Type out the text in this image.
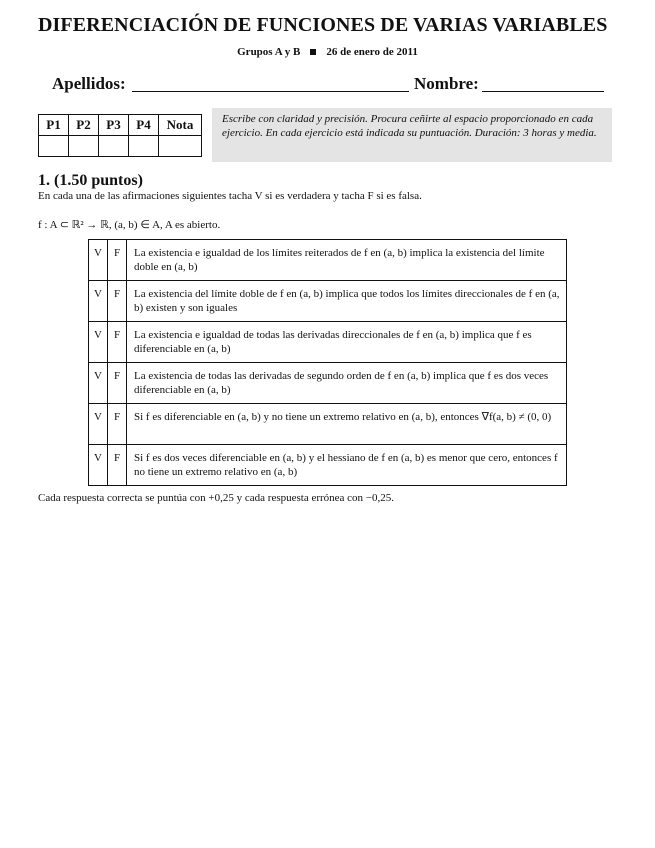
DIFERENCIACIÓN DE FUNCIONES DE VARIAS VARIABLES
Grupos A y B 26 de enero de 2011
Apellidos:	Nombre:
P1	P2	P3	P4	Nota
					Escribe con claridad y precisión. Procura ceñirte al espacio proporcionado en cada ejercicio. En cada ejercicio está indicada su puntuación. Duración: 3 horas y media.
1. (1.50 puntos)
En cada una de las afirmaciones siguientes tacha V si es verdadera y tacha F si es falsa.
f : A ⊂ ℝ² → ℝ, (a, b) ∈ A, A es abierto.
V	F	La existencia e igualdad de los límites reiterados de f en (a, b) implica la existencia del límite doble en (a, b)
V	F	La existencia del límite doble de f en (a, b) implica que todos los límites direccionales de f en (a, b) existen y son iguales
V	F	La existencia e igualdad de todas las derivadas direccionales de f en (a, b) implica que f es diferenciable en (a, b)
V	F	La existencia de todas las derivadas de segundo orden de f en (a, b) implica que f es dos veces diferenciable en (a, b)
V	F	Si f es diferenciable en (a, b) y no tiene un extremo relativo en (a, b), entonces ∇f(a, b) ≠ (0, 0)
V	F	Si f es dos veces diferenciable en (a, b) y el hessiano de f en (a, b) es menor que cero, entonces f no tiene un extremo relativo en (a, b)
Cada respuesta correcta se puntúa con +0,25 y cada respuesta errónea con −0,25.
